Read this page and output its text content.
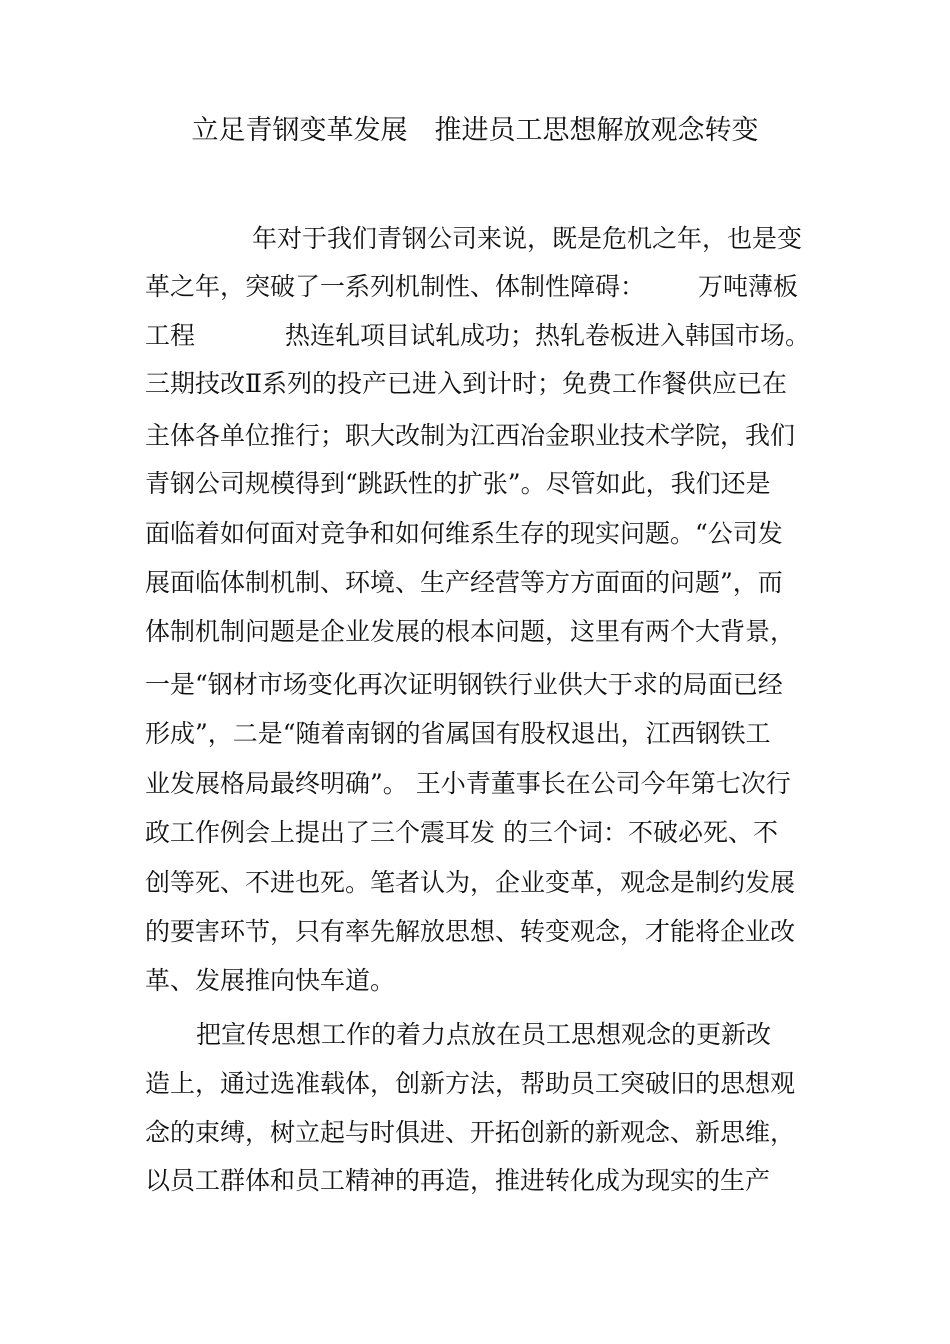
立足青钢变革发展　推进员工思想解放观念转变
年对于我们青钢公司来说，既是危机之年，也是变
革之年，突破了一系列机制性、体制性障碍： 万吨薄板
工程	热连轧项目试轧成功；热轧卷板进入韩国市场。
三期技改Ⅱ系列的投产已进入到计时；免费工作餐供应已在
主体各单位推行；职大改制为江西冶金职业技术学院，我们
青钢公司规模得到“跳跃性的扩张”。尽管如此，我们还是
面临着如何面对竞争和如何维系生存的现实问题。“公司发
展面临体制机制、环境、生产经营等方方面面的问题”，而
体制机制问题是企业发展的根本问题，这里有两个大背景，
一是“钢材市场变化再次证明钢铁行业供大于求的局面已经
形成”，二是“随着南钢的省属国有股权退出，江西钢铁工
业发展格局最终明确”。 王小青董事长在公司今年第七次行
政工作例会上提出了三个震耳发 的三个词：不破必死、不
创等死、不进也死。笔者认为，企业变革，观念是制约发展
的要害环节，只有率先解放思想、转变观念，才能将企业改
革、发展推向快车道。
把宣传思想工作的着力点放在员工思想观念的更新改
造上，通过选准载体，创新方法，帮助员工突破旧的思想观
念的束缚，树立起与时俱进、开拓创新的新观念、新思维，
以员工群体和员工精神的再造，推进转化成为现实的生产
